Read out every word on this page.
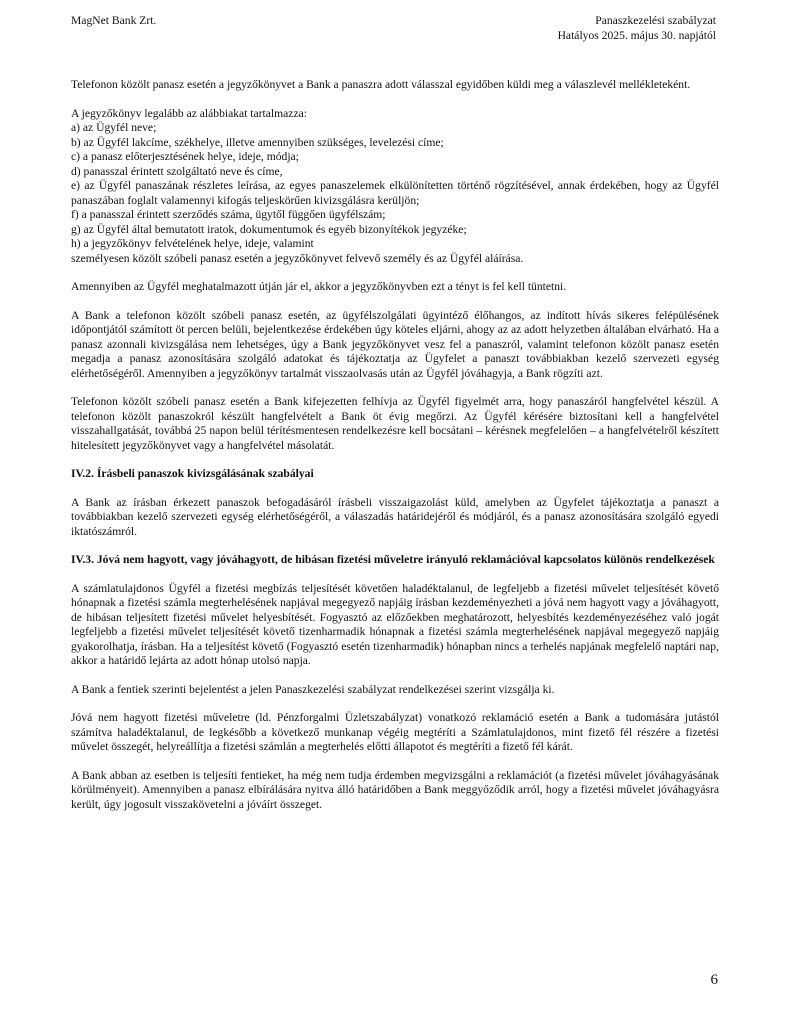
MagNet Bank Zrt.	Panaszkezelési szabályzat
Hatályos 2025. május 30. napjától

Telefonon közölt panasz esetén a jegyzőkönyvet a Bank a panaszra adott válasszal egyidőben küldi meg a válaszlevél mellékleteként.

A jegyzőkönyv legalább az alábbiakat tartalmazza:
a) az Ügyfél neve;
b) az Ügyfél lakcíme, székhelye, illetve amennyiben szükséges, levelezési címe;
c) a panasz előterjesztésének helye, ideje, módja;
d) panasszal érintett szolgáltató neve és címe,
e) az Ügyfél panaszának részletes leírása, az egyes panaszelemek elkülönítetten történő rögzítésével, annak érdekében, hogy az Ügyfél panaszában foglalt valamennyi kifogás teljeskörűen kivizsgálásra kerüljön;
f) a panasszal érintett szerződés száma, ügytől függően ügyfélszám;
g) az Ügyfél által bemutatott iratok, dokumentumok és egyéb bizonyítékok jegyzéke;
h) a jegyzőkönyv felvételének helye, ideje, valamint
személyesen közölt szóbeli panasz esetén a jegyzőkönyvet felvevő személy és az Ügyfél aláírása.

Amennyiben az Ügyfél meghatalmazott útján jár el, akkor a jegyzőkönyvben ezt a tényt is fel kell tüntetni.

A Bank a telefonon közölt szóbeli panasz esetén, az ügyfélszolgálati ügyintéző élőhangos, az indított hívás sikeres felépülésének időpontjától számított öt percen belüli, bejelentkezése érdekében úgy köteles eljárni, ahogy az az adott helyzetben általában elvárható. Ha a panasz azonnali kivizsgálása nem lehetséges, úgy a Bank jegyzőkönyvet vesz fel a panaszról, valamint telefonon közölt panasz esetén megadja a panasz azonosítására szolgáló adatokat és tájékoztatja az Ügyfelet a panaszt továbbiakban kezelő szervezeti egység elérhetőségéről. Amennyiben a jegyzőkönyv tartalmát visszaolvasás után az Ügyfél jóváhagyja, a Bank rögzíti azt.

Telefonon közölt szóbeli panasz esetén a Bank kifejezetten felhívja az Ügyfél figyelmét arra, hogy panaszáról hangfelvétel készül. A telefonon közölt panaszokról készült hangfelvételt a Bank öt évig megőrzi. Az Ügyfél kérésére biztosítani kell a hangfelvétel visszahallgatását, továbbá 25 napon belül térítésmentesen rendelkezésre kell bocsátani – kérésnek megfelelően – a hangfelvételről készített hitelesített jegyzőkönyvet vagy a hangfelvétel másolatát.

IV.2. Írásbeli panaszok kivizsgálásának szabályai

A Bank az írásban érkezett panaszok befogadásáról írásbeli visszaigazolást küld, amelyben az Ügyfelet tájékoztatja a panaszt a továbbiakban kezelő szervezeti egység elérhetőségéről, a válaszadás határidejéről és módjáról, és a panasz azonosítására szolgáló egyedi iktatószámról.

IV.3. Jóvá nem hagyott, vagy jóváhagyott, de hibásan fizetési műveletre irányuló reklamációval kapcsolatos különös rendelkezések

A számlatulajdonos Ügyfél a fizetési megbízás teljesítését követően haladéktalanul, de legfeljebb a fizetési művelet teljesítését követő hónapnak a fizetési számla megterhelésének napjával megegyező napjáig írásban kezdeményezheti a jóvá nem hagyott vagy a jóváhagyott, de hibásan teljesített fizetési művelet helyesbítését. Fogyasztó az előzőekben meghatározott, helyesbítés kezdeményezéséhez való jogát legfeljebb a fizetési művelet teljesítését követő tizenharmadik hónapnak a fizetési számla megterhelésének napjával megegyező napjáig gyakorolhatja, írásban. Ha a teljesítést követő (Fogyasztó esetén tizenharmadik) hónapban nincs a terhelés napjának megfelelő naptári nap, akkor a határidő lejárta az adott hónap utolsó napja.

A Bank a fentiek szerinti bejelentést a jelen Panaszkezelési szabályzat rendelkezései szerint vizsgálja ki.

Jóvá nem hagyott fizetési műveletre (ld. Pénzforgalmi Üzletszabályzat) vonatkozó reklamáció esetén a Bank a tudomására jutástól számítva haladéktalanul, de legkésőbb a következő munkanap végéig megtéríti a Számlatulajdonos, mint fizető fél részére a fizetési művelet összegét, helyreállítja a fizetési számlán a megterhelés előtti állapotot és megtéríti a fizető fél kárát.

A Bank abban az esetben is teljesíti fentieket, ha még nem tudja érdemben megvizsgálni a reklamációt (a fizetési művelet jóváhagyásának körülményeit). Amennyiben a panasz elbírálására nyitva álló határidőben a Bank meggyőződik arról, hogy a fizetési művelet jóváhagyásra került, úgy jogosult visszakövetelni a jóváírt összeget.

6
